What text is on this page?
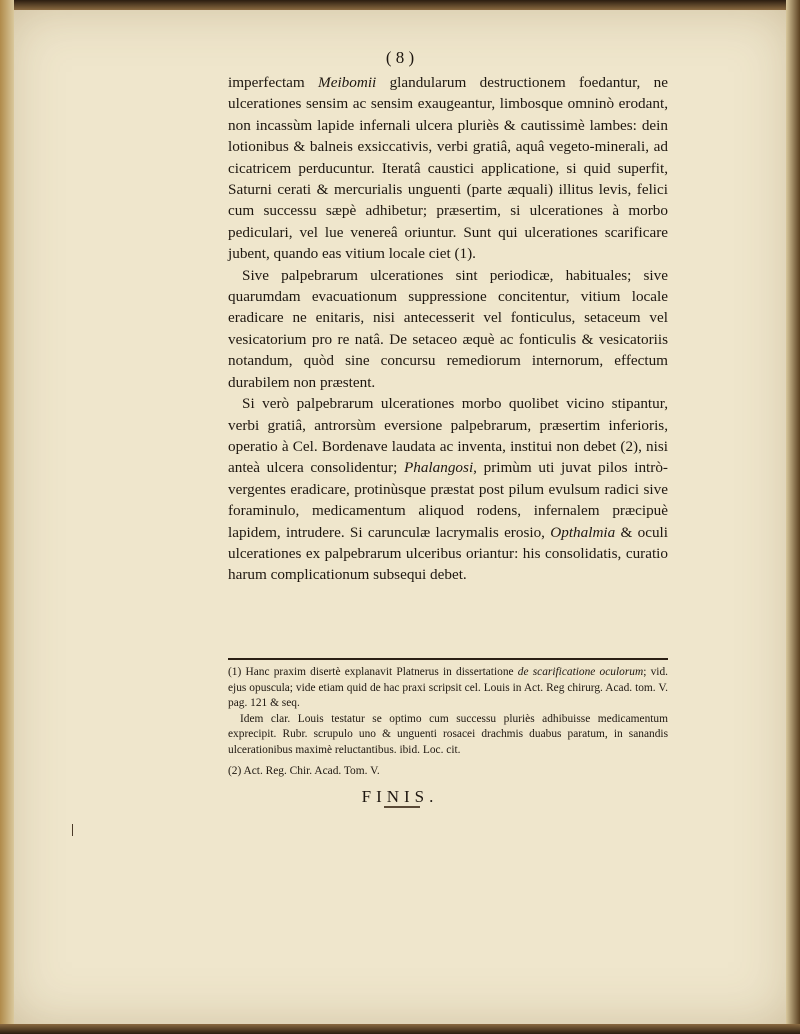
( 8 )

imperfectam Meibomii glandularum destructionem foedantur, ne ulcerationes sensim ac sensim exaugeantur, limbosque omninò erodant, non incassùm lapide infernali ulcera pluriès & cautissimè lambes: dein lotionibus & balneis exsiccativis, verbi gratiâ, aquâ vegeto-minerali, ad cicatricem perducuntur. Iteratâ caustici applicatione, si quid superfit, Saturni cerati & mercurialis unguenti (parte æquali) illitus levis, felici cum successu sæpè adhibetur; præsertim, si ulcerationes à morbo pediculari, vel lue venereâ oriuntur. Sunt qui ulcerationes scarificare jubent, quando eas vitium locale ciet (1).

Sive palpebrarum ulcerationes sint periodicæ, habituales; sive quarumdam evacuationum suppressione concitentur, vitium locale eradicare ne enitaris, nisi antecesserit vel fonticulus, setaceum vel vesicatorium pro re natâ. De setaceo æquè ac fonticulis & vesicatoriis notandum, quòd sine concursu remediorum internorum, effectum durabilem non præstent.

Si verò palpebrarum ulcerationes morbo quolibet vicino stipantur, verbi gratiâ, antrorsùm eversione palpebrarum, præsertim inferioris, operatio à Cel. Bordenave laudata ac inventa, institui non debet (2), nisi anteà ulcera consolidentur; Phalangosi, primùm uti juvat pilos intrò-vergentes eradicare, protinùsque præstat post pilum evulsum radici sive foraminulo, medicamentum aliquod rodens, infernalem præcipuè lapidem, intrudere. Si carunculæ lacrymalis erosio, Opthalmia & oculi ulcerationes ex palpebrarum ulceribus oriantur: his consolidatis, curatio harum complicationum subsequi debet.

(1) Hanc praxim disertè explanavit Platnerus in dissertatione de scarificatione oculorum; vid. ejus opuscula; vide etiam quid de hac praxi scripsit cel. Louis in Act. Reg chirurg. Acad. tom. V. pag. 121 & seq.

Idem clar. Louis testatur se optimo cum successu pluriès adhibuisse medicamentum exprecipit. Rubr. scrupulo uno & unguenti rosacei drachmis duabus paratum, in sanandis ulcerationibus maximè reluctantibus. ibid. Loc. cit.

(2) Act. Reg. Chir. Acad. Tom. V.

FINIS.
